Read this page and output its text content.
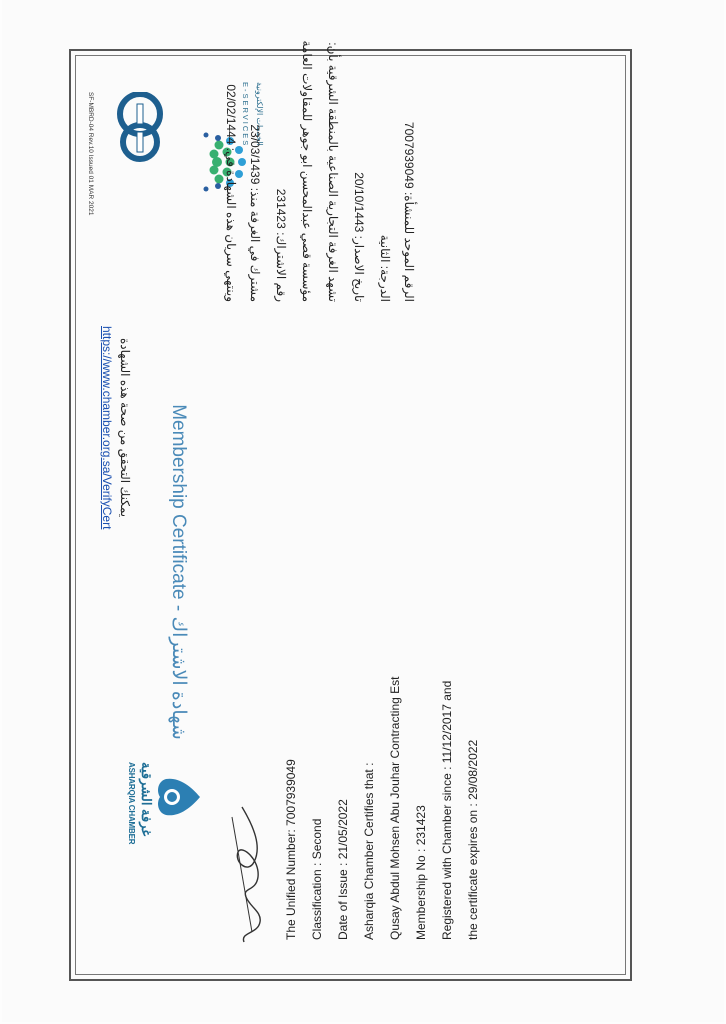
Membership Certificate - شهادة الاشتراك
غرفة الشرقية
ASHARQIA CHAMBER
الخدمات الإلكترونية
E-SERVICES
الرقم الموحد للمنشأة: 7007939049
الدرجة: الثانية
تاريخ الاصدار: 20/10/1443
تشهد الغرفة التجارية الصناعية بالمنطقة الشرقية بأن:
مؤسسة قصي عبدالمحسن ابو جوهر للمقاولات العامة
رقم الاشتراك: 231423
مشترك في الغرفة منذ: 23/03/1439
وينتهي سريان هذه الشهادة في: 02/02/1444
SF-MBRD-04 Rev.10 Issued 01 MAR 2021
يمكنك التحقق من صحة هذه الشهادة
https://www.chamber.org.sa/VerifyCert
The Unified Number: 7007939049 Classification : Second Date of Issue : 21/05/2022 Asharqia Chamber Certifies that : Qusay Abdul Mohsen Abu Jouhar Contracting Est Membership No : 231423 Registered with Chamber since : 11/12/2017 and the certificate expires on : 29/08/2022
